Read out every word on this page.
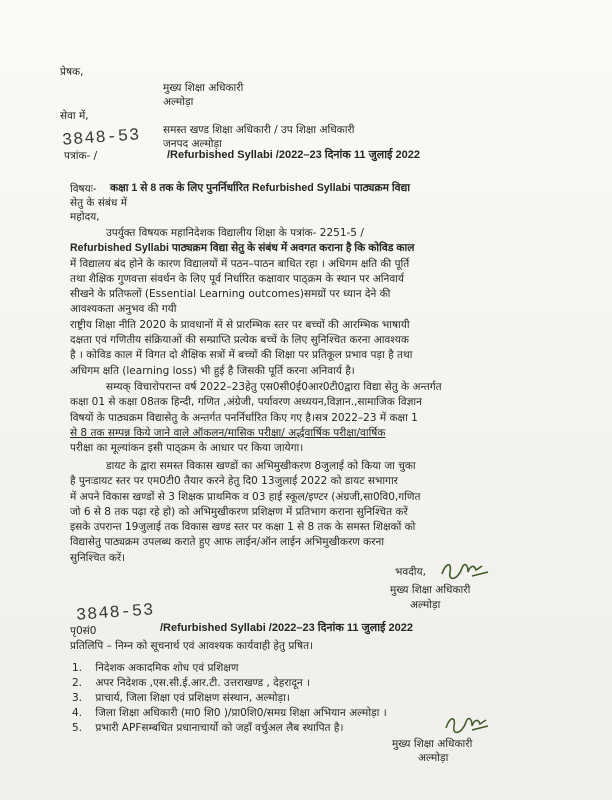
प्रेषक,
मुख्य शिक्षा अधिकारी
अल्मोड़ा
सेवा में,
समस्त खण्ड शिक्षा अधिकारी / उप शिक्षा अधिकारी
जनपद अल्मोड़ा
3848-53
पत्रांक- /	/Refurbished Syllabi /2022–23 दिनांक 11 जुलाई 2022
विषयः- कक्षा 1 से 8 तक के लिए पुनर्निर्धारित Refurbished Syllabi पाठ्यक्रम विद्या
सेतु के संबंध में
महोदय,
उपर्युक्त विषयक महानिदेशक विद्यालीय शिक्षा के पत्रांक- 2251-5 /
Refurbished Syllabi पाठ्यक्रम विद्या सेतु के संबंध में अवगत कराना है कि कोविड काल
में विद्यालय बंद होने के कारण विद्यालयों में पठन–पाठन बाधित रहा । अधिगम क्षति की पूर्ति
तथा शैक्षिक गुणवत्ता संवर्धन के लिए पूर्व निर्धारित कक्षावार पाठ्क्रम के स्थान पर अनिवार्य
सीखने के प्रतिफलों (Essential Learning outcomes)समग्रों पर ध्यान देने की
आवश्यकता अनुभव की गयी
राष्ट्रीय शिक्षा नीति 2020 के प्रावधानों में से प्रारम्भिक स्तर पर बच्चों की आरम्भिक भाषायी
दक्षता एवं गणितीय संक्रियाओं की सम्प्राप्ति प्रत्येक बच्चें के लिए सुनिश्चित करना आवश्यक
है । कोविड काल में विगत दो शैक्षिक सत्रों में बच्चों की शिक्षा पर प्रतिकूल प्रभाव पड़ा है तथा
अधिगम क्षति (learning loss) भी हुई है जिसकी पूर्ति करना अनिवार्य है।
सम्यक् विचारोपरान्त वर्ष 2022–23हेतु एस0सी0ई0आर0टी0द्वारा विद्या सेतु के अन्तर्गत
कक्षा 01 से कक्षा 08तक हिन्दी, गणित ,अंग्रेजी, पर्यावरण अध्ययन,विज्ञान.,सामाजिक विज्ञान
विषयों के पाठ्यक्रम विद्यासेतु के अन्तर्गत पनर्निर्धारित किए गए है।सत्र 2022–23 में कक्षा 1
से 8 तक सम्पन्न किये जाने वाले ऑकलन/मासिक परीक्षा/ अर्द्धवार्षिक परीक्षा/वार्षिक
परीक्षा का मूल्यांकन इसी पाठ्क्रम के आधार पर किया जायेगा।
डायट के द्वारा समस्त विकास खण्डों का अभिमुखीकरण 8जुलाई को किया जा चुका
है पुनःडायट स्तर पर एम0टी0 तैयार करने हेतु दि0 13जुलाई 2022 को डायट सभागार
में अपने विकास खण्डों से 3 शिक्षक प्राथमिक व 03 हाई स्कूल/इण्टर (अंग्रजी,सा0वि0,गणित
जो 6 से 8 तक पढ़ा रहे हो) को अभिमुखीकरण प्रशिक्षण में प्रतिभाग कराना सुनिश्चित करें
इसके उपरान्त 19जुलाई तक विकास खण्ड स्तर पर कक्षा 1 से 8 तक के समस्त शिक्षकों को
विद्यासेतु पाठ्यक्रम उपलब्ध कराते हुए आफ लाईन/ऑन लाईन अभिमुखीकरण करना
सुनिश्चित करें।
भवदीय,
मुख्य शिक्षा अधिकारी
अल्मोड़ा
3848-53
पृ0सं0	/Refurbished Syllabi /2022–23 दिनांक 11 जुलाई 2022
प्रतिलिपि – निम्न को सूचनार्थ एवं आवश्यक कार्यवाही हेतु प्रषित।
1. निदेशक अकादमिक शोध एवं प्रशिक्षण
2. अपर निदेशक ,एस.सी.ई.आर.टी. उत्तराखण्ड , देहरादून ।
3. प्राचार्य, जिला शिक्षा एवं प्रशिक्षण संस्थान, अल्मोड़ा।
4. जिला शिक्षा अधिकारी (मा0 शि0 )/प्रा0शि0/समग्र शिक्षा अभियान अल्मोड़ा ।
5. प्रभारी APFसम्बधित प्रधानाचार्यो को जहाँ वर्चुअल लैब स्थापित है।
मुख्य शिक्षा अधिकारी
अल्मोड़ा
